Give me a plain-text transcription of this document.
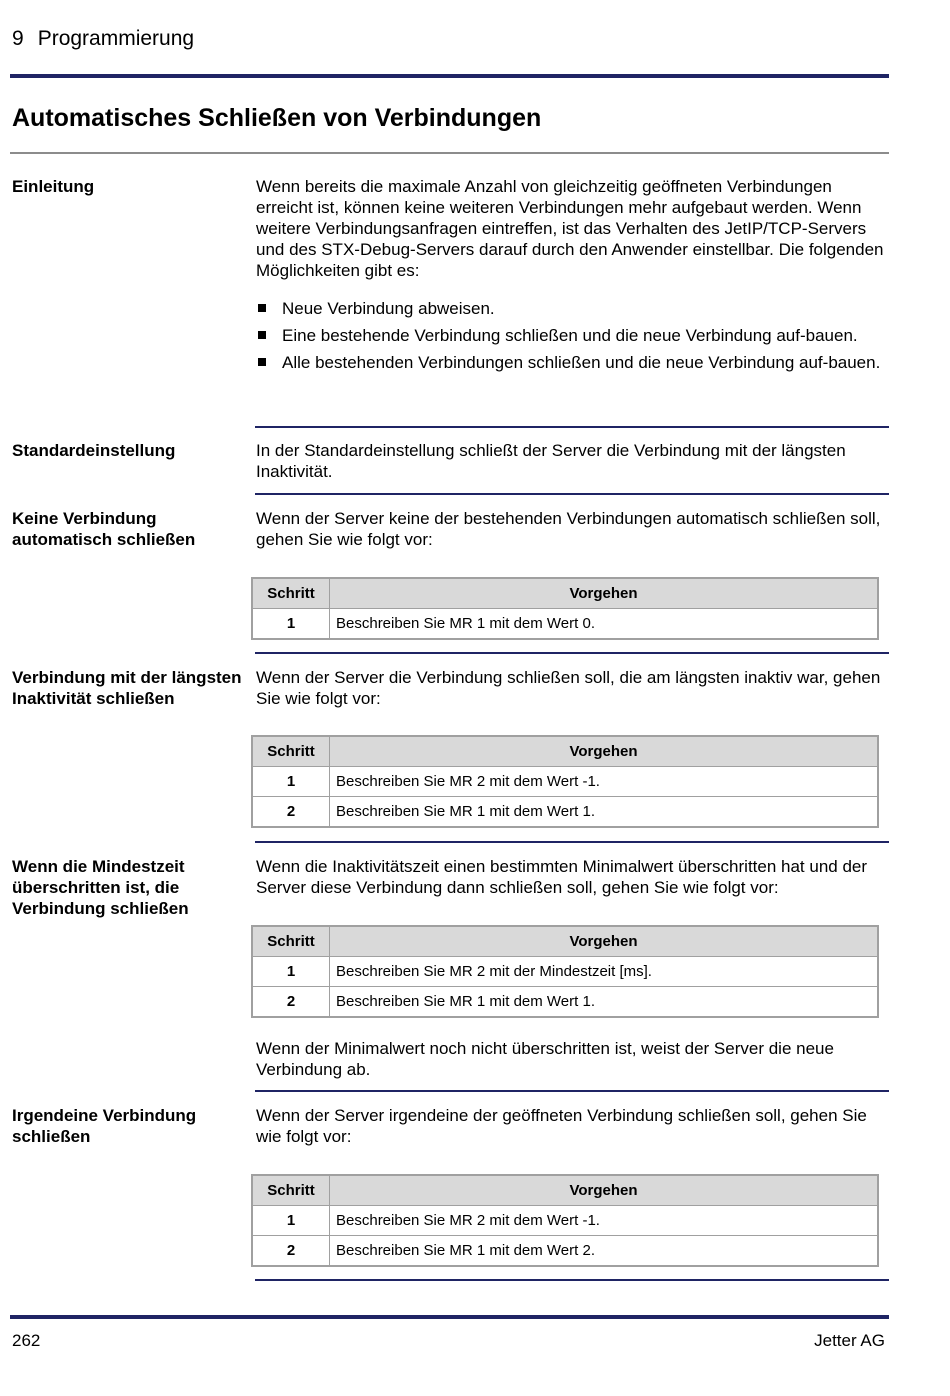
9 Programmierung
Automatisches Schließen von Verbindungen
Einleitung	Wenn bereits die maximale Anzahl von gleichzeitig geöffneten Verbindungen erreicht ist, können keine weiteren Verbindungen mehr aufgebaut werden. Wenn weitere Verbindungsanfragen eintreffen, ist das Verhalten des JetIP/TCP-Servers und des STX-Debug-Servers darauf durch den Anwender einstellbar. Die folgenden Möglichkeiten gibt es:
Neue Verbindung abweisen.
Eine bestehende Verbindung schließen und die neue Verbindung auf-bauen.
Alle bestehenden Verbindungen schließen und die neue Verbindung auf-bauen.
Standardeinstellung	In der Standardeinstellung schließt der Server die Verbindung mit der längsten Inaktivität.
Keine Verbindung automatisch schließen
Wenn der Server keine der bestehenden Verbindungen automatisch schließen soll, gehen Sie wie folgt vor:
Schritt	Vorgehen
1	Beschreiben Sie MR 1 mit dem Wert 0.
Verbindung mit der längsten Inaktivität schließen
Wenn der Server die Verbindung schließen soll, die am längsten inaktiv war, gehen Sie wie folgt vor:
Schritt	Vorgehen
1	Beschreiben Sie MR 2 mit dem Wert -1.
2	Beschreiben Sie MR 1 mit dem Wert 1.
Wenn die Mindestzeit überschritten ist, die Verbindung schließen
Wenn die Inaktivitätszeit einen bestimmten Minimalwert überschritten hat und der Server diese Verbindung dann schließen soll, gehen Sie wie folgt vor:
Schritt	Vorgehen
1	Beschreiben Sie MR 2 mit der Mindestzeit [ms].
2	Beschreiben Sie MR 1 mit dem Wert 1.
Wenn der Minimalwert noch nicht überschritten ist, weist der Server die neue Verbindung ab.
Irgendeine Verbindung schließen
Wenn der Server irgendeine der geöffneten Verbindung schließen soll, gehen Sie wie folgt vor:
Schritt	Vorgehen
1	Beschreiben Sie MR 2 mit dem Wert -1.
2	Beschreiben Sie MR 1 mit dem Wert 2.
262	Jetter AG
